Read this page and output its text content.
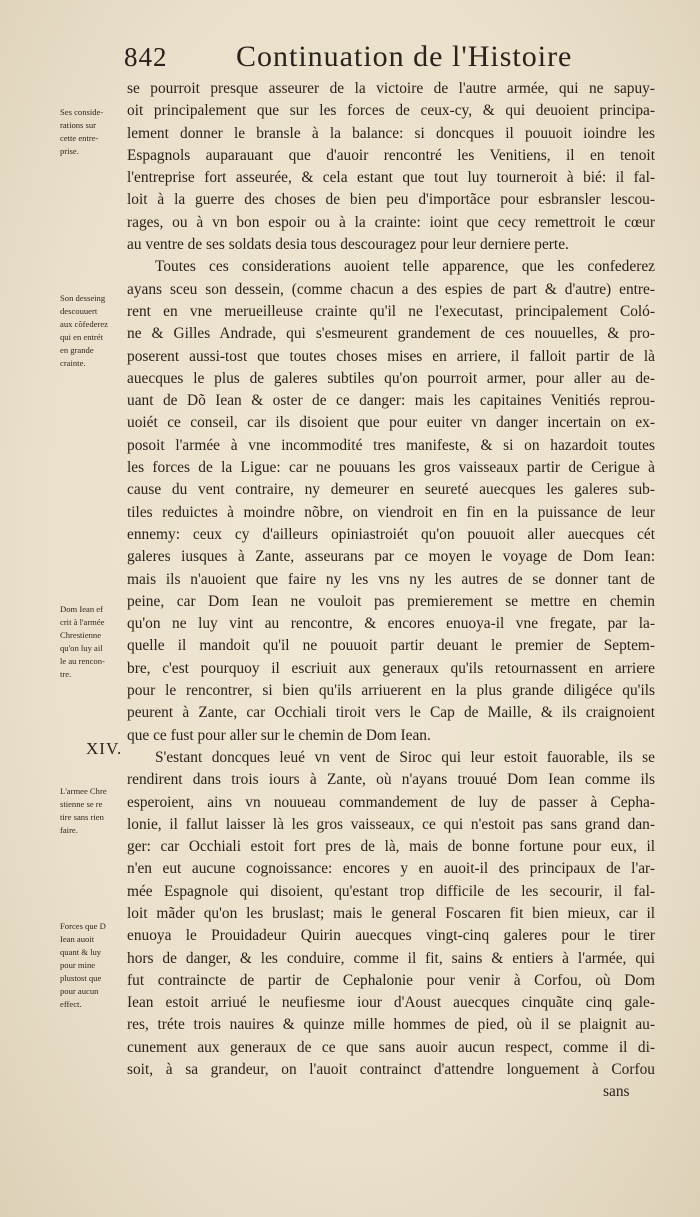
842 Continuation de l'Histoire
Ses conside-
rations sur
cette entre-
prise.
Son desseing
descouuert
aux cõfederez
qui en entrét
en grande
crainte.
Dom Iean ef
crit à l'armée
Chrestienne
qu'on luy ail
le au rencon-
tre.
XIV.
L'armee Chre
stienne se re
tire sans rien
faire.
Forces que D
Iean auoit
quant & luy
pour mine
plustost que
pour aucun
effect.
se pourroit presque asseurer de la victoire de l'autre armée, qui ne sapuy-
oit principalement que sur les forces de ceux-cy, & qui deuoient principa-
lement donner le bransle à la balance: si doncques il pouuoit ioindre les
Espagnols auparauant que d'auoir rencontré les Venitiens, il en tenoit
l'entreprise fort asseurée, & cela estant que tout luy tourneroit à bié: il fal-
loit à la guerre des choses de bien peu d'importãce pour esbransler lescou-
rages, ou à vn bon espoir ou à la crainte: ioint que cecy remettroit le cœur
au ventre de ses soldats desia tous descouragez pour leur derniere perte.
Toutes ces considerations auoient telle apparence, que les confederez
ayans sceu son dessein, (comme chacun a des espies de part & d'autre) entre-
rent en vne merueilleuse crainte qu'il ne l'executast, principalement Coló-
ne & Gilles Andrade, qui s'esmeurent grandement de ces nouuelles, & pro-
poserent aussi-tost que toutes choses mises en arriere, il falloit partir de là
auecques le plus de galeres subtiles qu'on pourroit armer, pour aller au de-
uant de Dõ Iean & oster de ce danger: mais les capitaines Venitiés reprou-
uoiét ce conseil, car ils disoient que pour euiter vn danger incertain on ex-
posoit l'armée à vne incommodité tres manifeste, & si on hazardoit toutes
les forces de la Ligue: car ne pouuans les gros vaisseaux partir de Cerigue à
cause du vent contraire, ny demeurer en seureté auecques les galeres sub-
tiles reduictes à moindre nõbre, on viendroit en fin en la puissance de leur
ennemy: ceux cy d'ailleurs opiniastroiét qu'on pouuoit aller auecques cét
galeres iusques à Zante, asseurans par ce moyen le voyage de Dom Iean:
mais ils n'auoient que faire ny les vns ny les autres de se donner tant de
peine, car Dom Iean ne vouloit pas premierement se mettre en chemin
qu'on ne luy vint au rencontre, & encores enuoya-il vne fregate, par la-
quelle il mandoit qu'il ne pouuoit partir deuant le premier de Septem-
bre, c'est pourquoy il escriuit aux generaux qu'ils retournassent en arriere
pour le rencontrer, si bien qu'ils arriuerent en la plus grande diligéce qu'ils
peurent à Zante, car Occhiali tiroit vers le Cap de Maille, & ils craignoient
que ce fust pour aller sur le chemin de Dom Iean.
S'estant doncques leué vn vent de Siroc qui leur estoit fauorable, ils se
rendirent dans trois iours à Zante, où n'ayans trouué Dom Iean comme ils
esperoient, ains vn nouueau commandement de luy de passer à Cepha-
lonie, il fallut laisser là les gros vaisseaux, ce qui n'estoit pas sans grand dan-
ger: car Occhiali estoit fort pres de là, mais de bonne fortune pour eux, il
n'en eut aucune cognoissance: encores y en auoit-il des principaux de l'ar-
mée Espagnole qui disoient, qu'estant trop difficile de les secourir, il fal-
loit mãder qu'on les bruslast; mais le general Foscaren fit bien mieux, car il
enuoya le Prouidadeur Quirin auecques vingt-cinq galeres pour le tirer
hors de danger, & les conduire, comme il fit, sains & entiers à l'armée, qui
fut contraincte de partir de Cephalonie pour venir à Corfou, où Dom
Iean estoit arriué le neufiesme iour d'Aoust auecques cinquãte cinq gale-
res, tréte trois nauires & quinze mille hommes de pied, où il se plaignit au-
cunement aux generaux de ce que sans auoir aucun respect, comme il di-
soit, à sa grandeur, on l'auoit contrainct d'attendre longuement à Corfou
sans
